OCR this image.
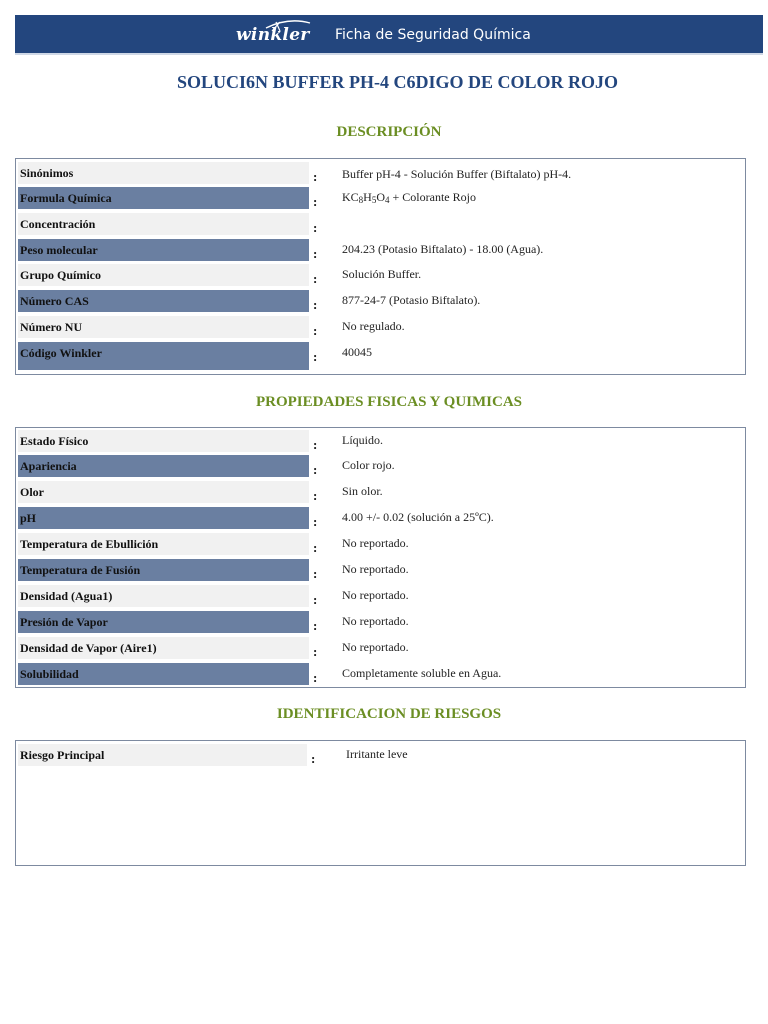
winkler Ficha de Seguridad Química
SOLUCI6N BUFFER PH-4 C6DIGO DE COLOR ROJO
DESCRIPCIÓN
Sinónimos	: Buffer pH-4 - Solución Buffer (Biftalato) pH-4.
Formula Química	: $KC_8H_5O_4$ + Colorante Rojo
Concentración	:
Peso molecular	: 204.23 (Potasio Biftalato) - 18.00 (Agua).
Grupo Químico	: Solución Buffer.
Número CAS	: 877-24-7 (Potasio Biftalato).
Número NU	: No regulado.
Código Winkler	: 40045
PROPIEDADES FISICAS Y QUIMICAS
Estado Físico	: Líquido.
Apariencia	: Color rojo.
Olor	: Sin olor.
pH	: 4.00 +/- 0.02 (solución a 25ºC).
Temperatura de Ebullición	: No reportado.
Temperatura de Fusión	: No reportado.
Densidad (Agua1)	: No reportado.
Presión de Vapor	: No reportado.
Densidad de Vapor (Aire1)	: No reportado.
Solubilidad	: Completamente soluble en Agua.
IDENTIFICACION DE RIESGOS
Riesgo Principal	:	Irritante leve
